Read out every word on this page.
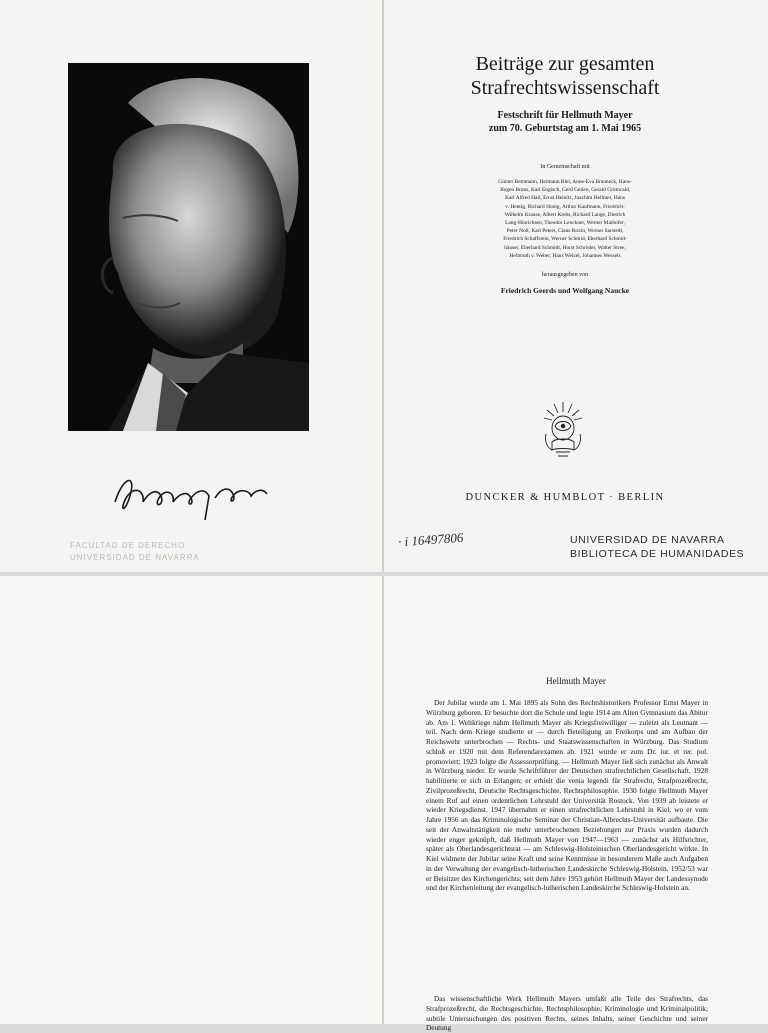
FACULTAD DE DERECHO
UNIVERSIDAD DE NAVARRA
Beiträge zur gesamten
Strafrechtswissenschaft
Festschrift für Hellmuth Mayer
zum 70. Geburtstag am 1. Mai 1965
In Gemeinschaft mit
Günter Bemmann, Hermann Blei, Anne-Eva Brauneck, Hans-
Jürgen Bruns, Karl Engisch, Gerd Geilen, Gerald Grünwald,
Karl Alfred Hall, Ernst Heinitz, Joachim Hellmer, Hans
v. Hentig, Richard Honig, Arthur Kaufmann, Friedrich-
Wilhelm Krause, Albert Krebs, Richard Lange, Dietrich
Lang-Hinrichsen, Theodor Lenckner, Werner Maihofer,
Peter Noll, Karl Peters, Claus Roxin, Werner Sarstedt,
Friedrich Schaffstein, Werner Schmid, Eberhard Schmid-
häuser, Eberhard Schmidt, Horst Schröder, Walter Stree,
Hellmuth v. Weber, Hans Welzel, Johannes Wessels
herausgegeben von
Friedrich Geerds und Wolfgang Naucke
DUNCKER & HUMBLOT · BERLIN
· i 16497806	UNIVERSIDAD DE NAVARRA
BIBLIOTECA DE HUMANIDADES
Hellmuth Mayer

Der Jubilar wurde am 1. Mai 1895 als Sohn des Rechtshistorikers Professor Ernst Mayer in Würzburg geboren. Er besuchte dort die Schule und legte 1914 am Alten Gymnasium das Abitur ab. Am 1. Weltkriege nahm Hellmuth Mayer als Kriegsfreiwilliger — zuletzt als Leutnant — teil. Nach dem Kriege studierte er — durch Beteiligung an Freikorps und am Aufbau der Reichswehr unterbrochen — Rechts- und Staatswissenschaften in Würzburg. Das Studium schloß er 1920 mit dem Referendarexamen ab. 1921 wurde er zum Dr. iur. et rer. pol. promoviert; 1923 folgte die Assessorprüfung. — Hellmuth Mayer ließ sich zunächst als Anwalt in Würzburg nieder. Er wurde Schriftführer der Deutschen strafrechtlichen Gesellschaft. 1928 habilitierte er sich in Erlangen; er erhielt die venia legendi für Strafrecht, Strafprozeßrecht, Zivilprozeßrecht, Deutsche Rechtsgeschichte, Rechtsphilosophie. 1930 folgte Hellmuth Mayer einem Ruf auf einen ordentlichen Lehrstuhl der Universität Rostock. Von 1939 ab leistete er wieder Kriegsdienst. 1947 übernahm er einen strafrechtlichen Lehrstuhl in Kiel, wo er vom Jahre 1956 an das Kriminologische Seminar der Christian-Albrechts-Universität aufbaute. Die seit der Anwaltstätigkeit nie mehr unterbrochenen Beziehungen zur Praxis wurden dadurch wieder enger geknüpft, daß Hellmuth Mayer von 1947—1963 — zunächst als Hilfsrichter, später als Oberlandesgerichtsrat — am Schleswig-Holsteinischen Oberlandesgericht wirkte. In Kiel widmete der Jubilar seine Kraft und seine Kenntnisse in besonderem Maße auch Aufgaben in der Verwaltung der evangelisch-lutherischen Landeskirche Schleswig-Holstein. 1952/53 war er Beisitzer des Kirchengerichts; seit dem Jahre 1953 gehört Hellmuth Mayer der Landessynode und der Kirchenleitung der evangelisch-lutherischen Landeskirche Schleswig-Holstein an.

Das wissenschaftliche Werk Hellmuth Mayers umfaßt alle Teile des Strafrechts, das Strafprozeßrecht, die Rechtsgeschichte, Rechtsphilosophie, Kriminologie und Kriminalpolitik; subtile Untersuchungen des positiven Rechts, seines Inhalts, seiner Geschichte und seiner Deutung
